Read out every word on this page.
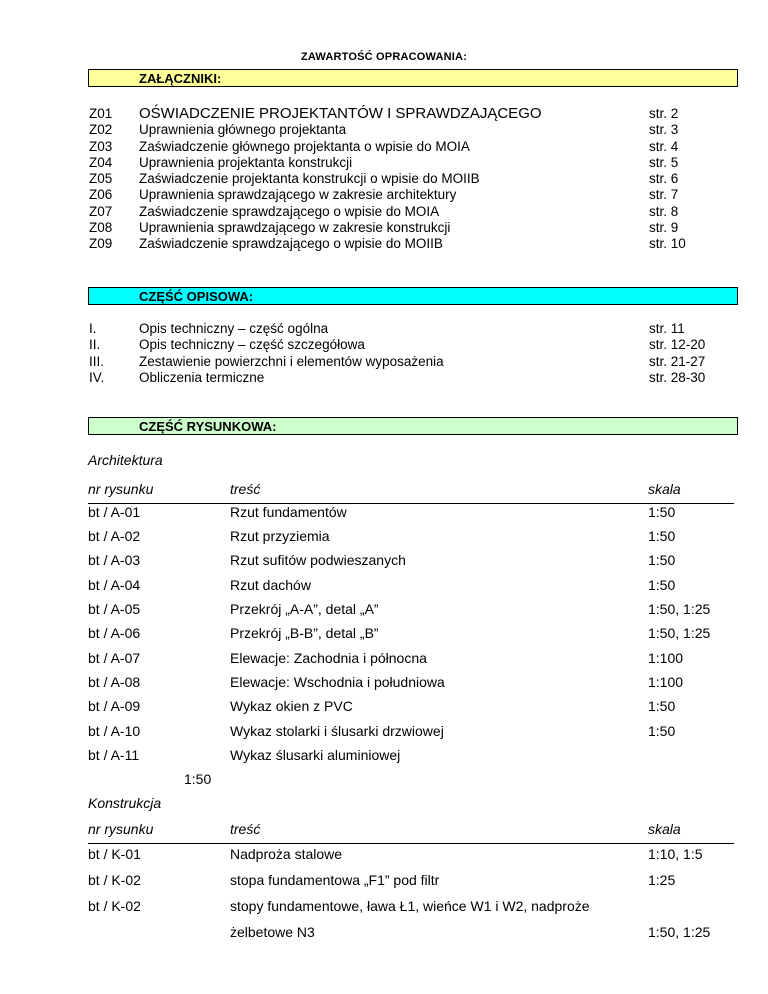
ZAWARTOŚĆ OPRACOWANIA:
ZAŁĄCZNIKI:
Z01 OŚWIADCZENIE PROJEKTANTÓW I SPRAWDZAJĄCEGO	str. 2
Z02 Uprawnienia głównego projektanta	str. 3
Z03 Zaświadczenie głównego projektanta o wpisie do MOIA	str. 4
Z04 Uprawnienia projektanta konstrukcji	str. 5
Z05 Zaświadczenie projektanta konstrukcji o wpisie do MOIIB	str. 6
Z06 Uprawnienia sprawdzającego w zakresie architektury	str. 7
Z07 Zaświadczenie sprawdzającego o wpisie do MOIA	str. 8
Z08 Uprawnienia sprawdzającego w zakresie konstrukcji	str. 9
Z09 Zaświadczenie sprawdzającego o wpisie do MOIIB	str. 10
CZĘŚĆ OPISOWA:
I.	Opis techniczny – część ogólna	str. 11
II.	Opis techniczny – część szczegółowa	str. 12-20
III.	Zestawienie powierzchni i elementów wyposażenia	str. 21-27
IV.	Obliczenia termiczne	str. 28-30
CZĘŚĆ RYSUNKOWA:
Architektura
nr rysunku	treść	skala
bt / A-01	Rzut fundamentów	1:50
bt / A-02	Rzut przyziemia	1:50
bt / A-03	Rzut sufitów podwieszanych	1:50
bt / A-04	Rzut dachów	1:50
bt / A-05	Przekrój „A-A”, detal „A”	1:50, 1:25
bt / A-06	Przekrój „B-B”, detal „B”	1:50, 1:25
bt / A-07	Elewacje: Zachodnia i północna	1:100
bt / A-08	Elewacje: Wschodnia i południowa	1:100
bt / A-09	Wykaz okien z PVC	1:50
bt / A-10	Wykaz stolarki i ślusarki drzwiowej	1:50
bt / A-11	Wykaz ślusarki aluminiowej
1:50
Konstrukcja
nr rysunku	treść	skala
bt / K-01	Nadproża stalowe	1:10, 1:5
bt / K-02	stopa fundamentowa „F1” pod filtr	1:25
bt / K-02	stopy fundamentowe, ława Ł1, wieńce W1 i W2, nadproże
żelbetowe N3	1:50, 1:25
